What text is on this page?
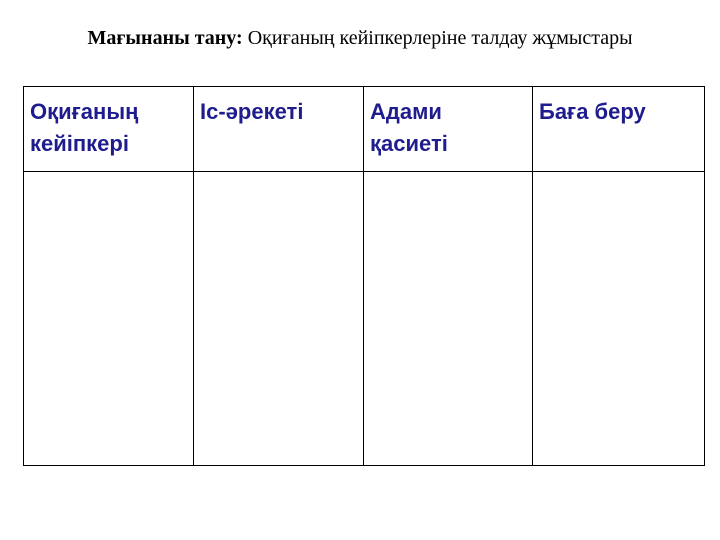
Мағынаны тану: Оқиғаның кейіпкерлеріне талдау жұмыстары
Оқиғаның кейіпкері	Іс-әрекеті	Адами қасиеті	Баға беру
